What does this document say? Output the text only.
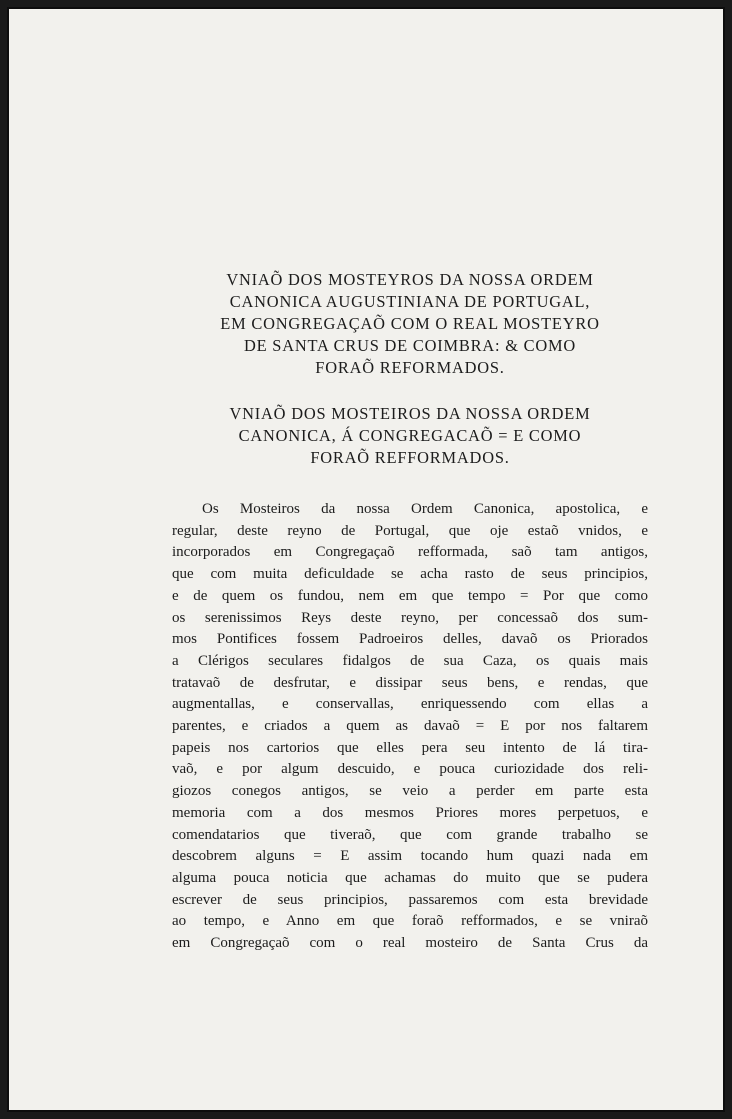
VNIAÕ DOS MOSTEYROS DA NOSSA ORDEM
CANONICA AUGUSTINIANA DE PORTUGAL,
EM CONGREGAÇAÕ COM O REAL MOSTEYRO
DE SANTA CRUS DE COIMBRA: & COMO
FORAÕ REFORMADOS.
VNIAÕ DOS MOSTEIROS DA NOSSA ORDEM
CANONICA, Á CONGREGACAÕ = E COMO
FORAÕ REFFORMADOS.

Os Mosteiros da nossa Ordem Canonica, apostolica, e
regular, deste reyno de Portugal, que oje estaõ vnidos, e
incorporados em Congregaçaõ refformada, saõ tam antigos,
que com muita deficuldade se acha rasto de seus principios,
e de quem os fundou, nem em que tempo = Por que como
os serenissimos Reys deste reyno, per concessaõ dos sum-
mos Pontifices fossem Padroeiros delles, davaõ os Priorados
a Clérigos seculares fidalgos de sua Caza, os quais mais
tratavaõ de desfrutar, e dissipar seus bens, e rendas, que
augmentallas, e conservallas, enriquessendo com ellas a
parentes, e criados a quem as davaõ = E por nos faltarem
papeis nos cartorios que elles pera seu intento de lá tira-
vaõ, e por algum descuido, e pouca curiozidade dos reli-
giozos conegos antigos, se veio a perder em parte esta
memoria com a dos mesmos Priores mores perpetuos, e
comendatarios que tiveraõ, que com grande trabalho se
descobrem alguns = E assim tocando hum quazi nada em
alguma pouca noticia que achamas do muito que se pudera
escrever de seus principios, passaremos com esta brevidade
ao tempo, e Anno em que foraõ refformados, e se vniraõ
em Congregaçaõ com o real mosteiro de Santa Crus da
